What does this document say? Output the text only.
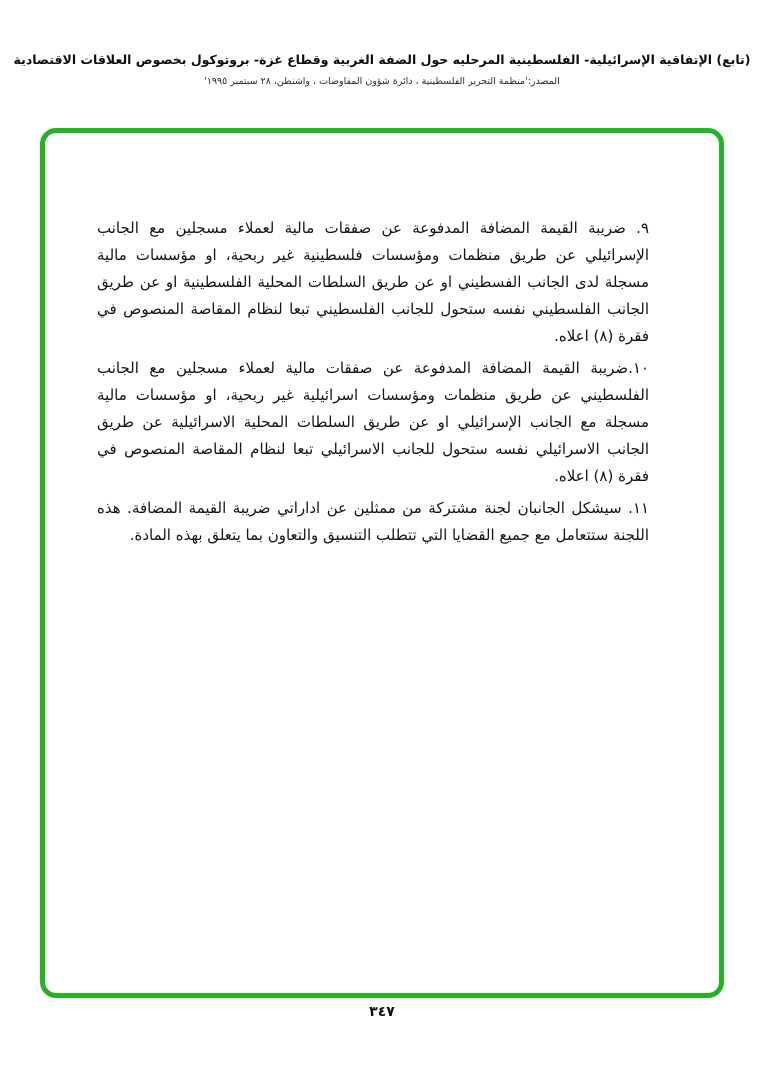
(تابع) الإتفاقية الإسرائيلية- الفلسطينية المرحليه حول الضفة الغربية وقطاع غزة- بروتوكول بخصوص العلاقات الاقتصادية
المصدر:'منظمة التحرير الفلسطينية ، دائرة شؤون المفاوضات ، واشنطن، ٢٨ سبتمبر ١٩٩٥'

٩. ضريبة القيمة المضافة المدفوعة عن صفقات مالية لعملاء مسجلين مع الجانب الإسرائيلي عن طريق منظمات ومؤسسات فلسطينية غير ربحية، او مؤسسات مالية مسجلة لدى الجانب الفسطيني او عن طريق السلطات المحلية الفلسطينية او عن طريق الجانب الفلسطيني نفسه ستحول للجانب الفلسطيني تبعا لنظام المقاصة المنصوص في فقرة (٨) اعلاه.

١٠.ضريبة القيمة المضافة المدفوعة عن صفقات مالية لعملاء مسجلين مع الجانب الفلسطيني عن طريق منظمات ومؤسسات اسرائيلية غير ربحية، او مؤسسات مالية مسجلة مع الجانب الإسرائيلي او عن طريق السلطات المحلية الاسرائيلية عن طريق الجانب الاسرائيلي نفسه ستحول للجانب الاسرائيلي تبعا لنظام المقاصة المنصوص في فقرة (٨) اعلاه.

١١. سيشكل الجانبان لجنة مشتركة من ممثلين عن اداراتي ضريبة القيمة المضافة. هذه اللجنة ستتعامل مع جميع القضايا التي تتطلب التنسيق والتعاون بما يتعلق بهذه المادة.

٣٤٧
